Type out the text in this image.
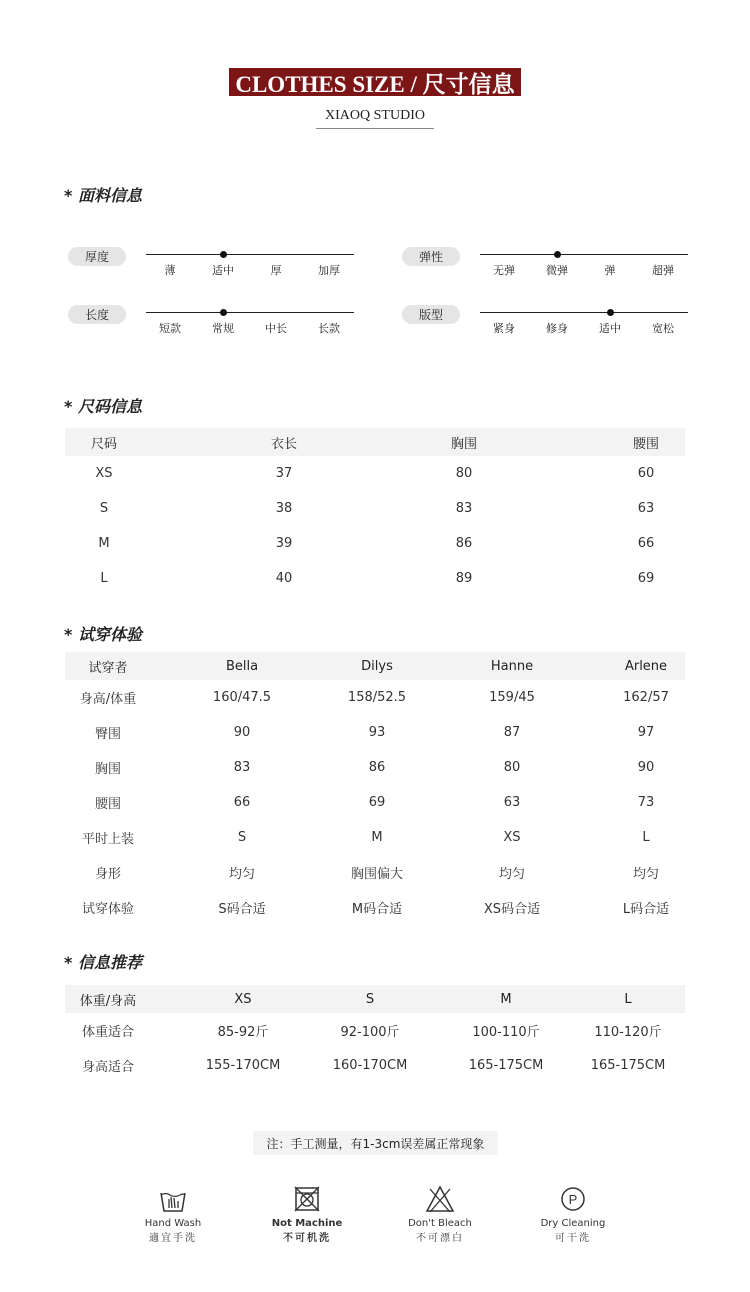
CLOTHES SIZE / 尺寸信息
XIAOQ STUDIO
* 面料信息
厚度
薄	适中	厚	加厚
弹性
无弹	微弹	弹	超弹
长度
短款	常规	中长	长款
版型
紧身	修身	适中	宽松
* 尺码信息
尺码	衣长	胸围	腰围
XS	37	80	60
S	38	83	63
M	39	86	66
L	40	89	69
* 试穿体验
试穿者	Bella	Dilys	Hanne	Arlene
身高/体重	160/47.5	158/52.5	159/45	162/57
臀围	90	93	87	97
胸围	83	86	80	90
腰围	66	69	63	73
平时上装	S	M	XS	L
身形	均匀	胸围偏大	均匀	均匀
试穿体验	S码合适	M码合适	XS码合适	L码合适
* 信息推荐
体重/身高	XS	S	M	L
体重适合	85-92斤	92-100斤	100-110斤	110-120斤
身高适合	155-170CM	160-170CM	165-175CM	165-175CM
注：手工测量，有1-3cm误差属正常现象
Hand Wash
適宜手洗
Not Machine
不可机洗
Don't Bleach
不可漂白
P
Dry Cleaning
可干洗
